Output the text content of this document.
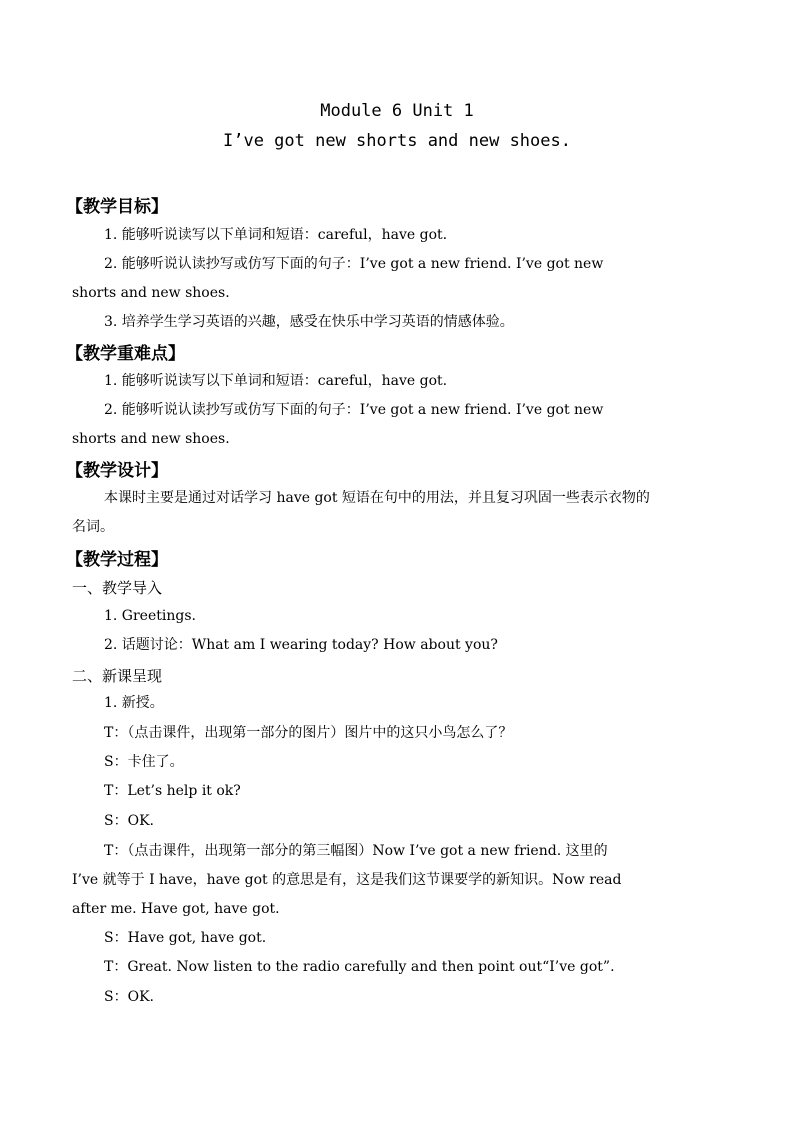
Module 6 Unit 1
I’ve got new shorts and new shoes.
【教学目标】
1. 能够听说读写以下单词和短语：careful，have got.
2. 能够听说认读抄写或仿写下面的句子：I’ve got a new friend. I’ve got new
shorts and new shoes.
3. 培养学生学习英语的兴趣，感受在快乐中学习英语的情感体验。
【教学重难点】
1. 能够听说读写以下单词和短语：careful，have got.
2. 能够听说认读抄写或仿写下面的句子：I’ve got a new friend. I’ve got new
shorts and new shoes.
【教学设计】
本课时主要是通过对话学习 have got 短语在句中的用法，并且复习巩固一些表示衣物的
名词。
【教学过程】
一、教学导入
1. Greetings.
2. 话题讨论：What am I wearing today? How about you?
二、新课呈现
1. 新授。
T：（点击课件，出现第一部分的图片）图片中的这只小鸟怎么了？
S：卡住了。
T：Let’s help it ok?
S：OK.
T：（点击课件，出现第一部分的第三幅图）Now I’ve got a new friend. 这里的
I’ve 就等于 I have，have got 的意思是有，这是我们这节课要学的新知识。Now read
after me. Have got, have got.
S：Have got, have got.
T：Great. Now listen to the radio carefully and then point out“I’ve got”.
S：OK.
